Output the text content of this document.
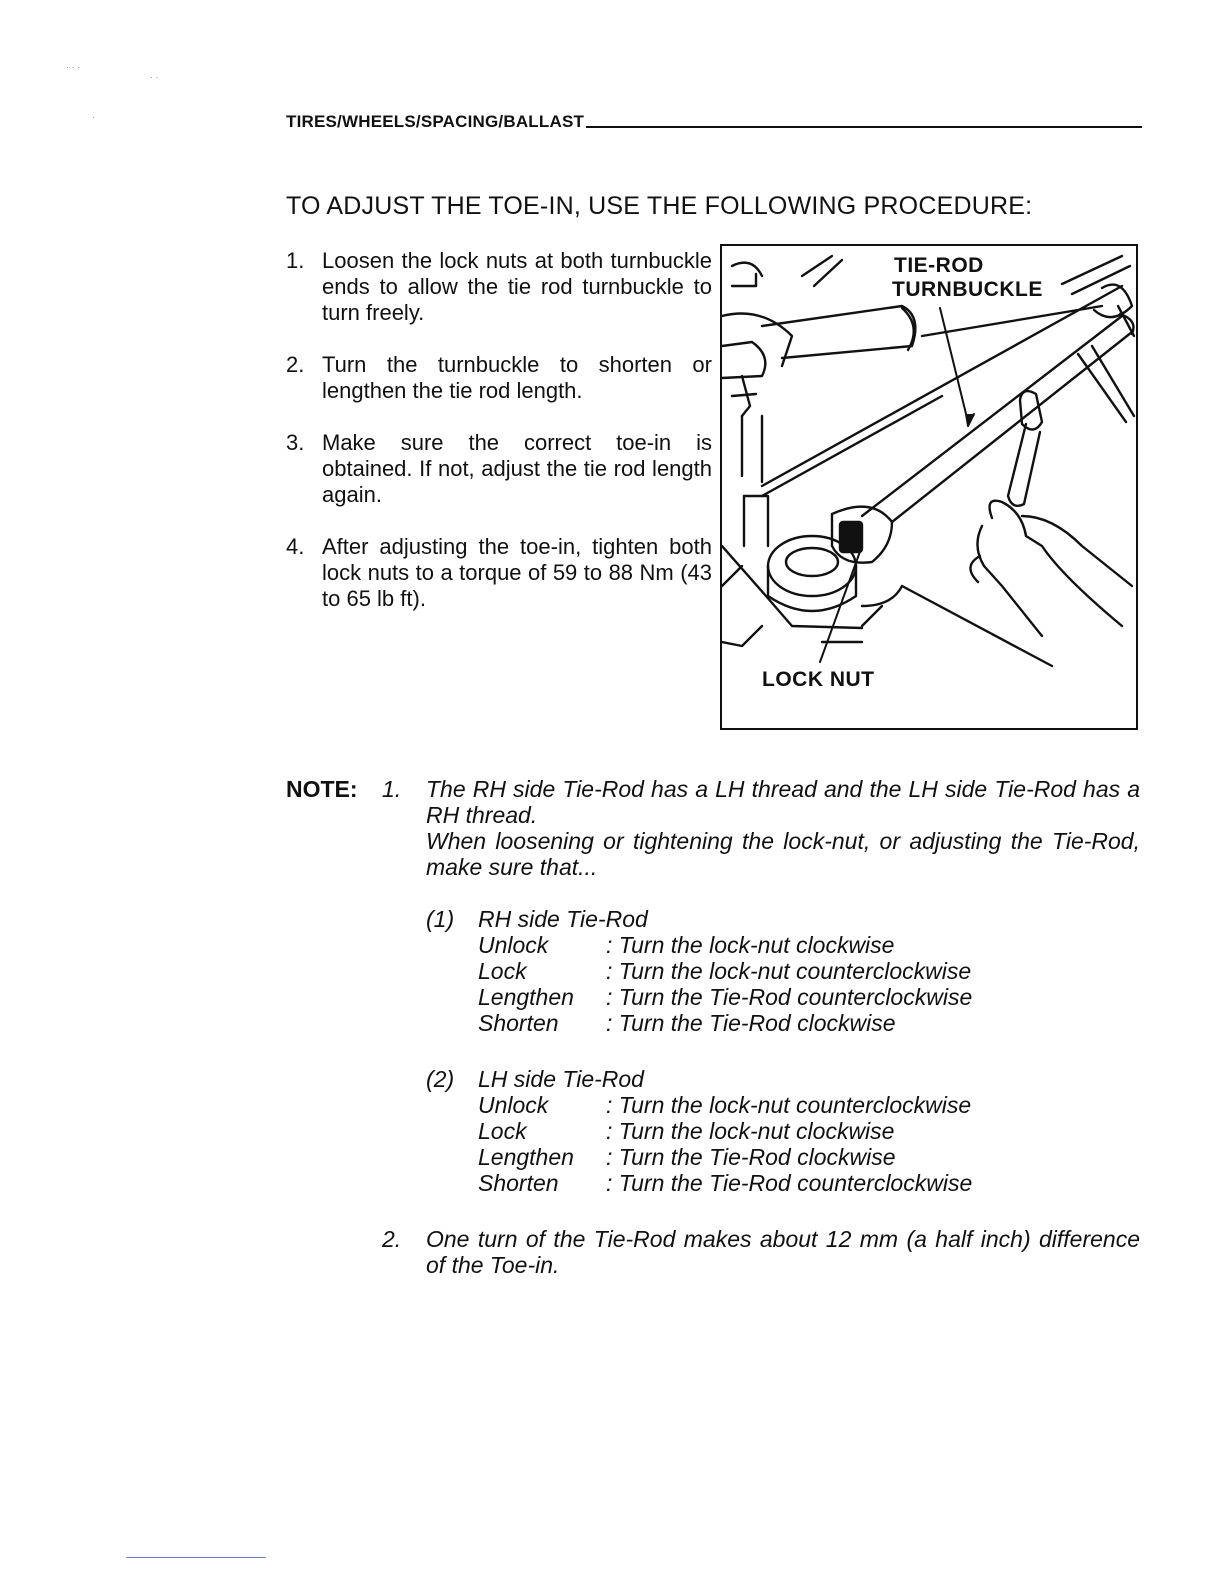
· · ·
· ·
·	TIRES/WHEELS/SPACING/BALLAST
TO ADJUST THE TOE-IN, USE THE FOLLOWING PROCEDURE:
1. Loosen the lock nuts at both turnbuckle ends to allow the tie rod turnbuckle to turn freely.
2. Turn the turnbuckle to shorten or lengthen the tie rod length.
3. Make sure the correct toe-in is obtained. If not, adjust the tie rod length again.
4. After adjusting the toe-in, tighten both lock nuts to a torque of 59 to 88 Nm (43 to 65 lb ft).
TIE-ROD
TURNBUCKLE
LOCK NUT
NOTE: 1. The RH side Tie-Rod has a LH thread and the LH side Tie-Rod has a RH thread.
When loosening or tightening the lock-nut, or adjusting the Tie-Rod, make sure that...
(1) RH side Tie-Rod
Unlock	: Turn the lock-nut clockwise
Lock	: Turn the lock-nut counterclockwise
Lengthen : Turn the Tie-Rod counterclockwise
Shorten : Turn the Tie-Rod clockwise
(2) LH side Tie-Rod
Unlock	: Turn the lock-nut counterclockwise
Lock	: Turn the lock-nut clockwise
Lengthen : Turn the Tie-Rod clockwise
Shorten : Turn the Tie-Rod counterclockwise
2. One turn of the Tie-Rod makes about 12 mm (a half inch) difference of the Toe-in.
